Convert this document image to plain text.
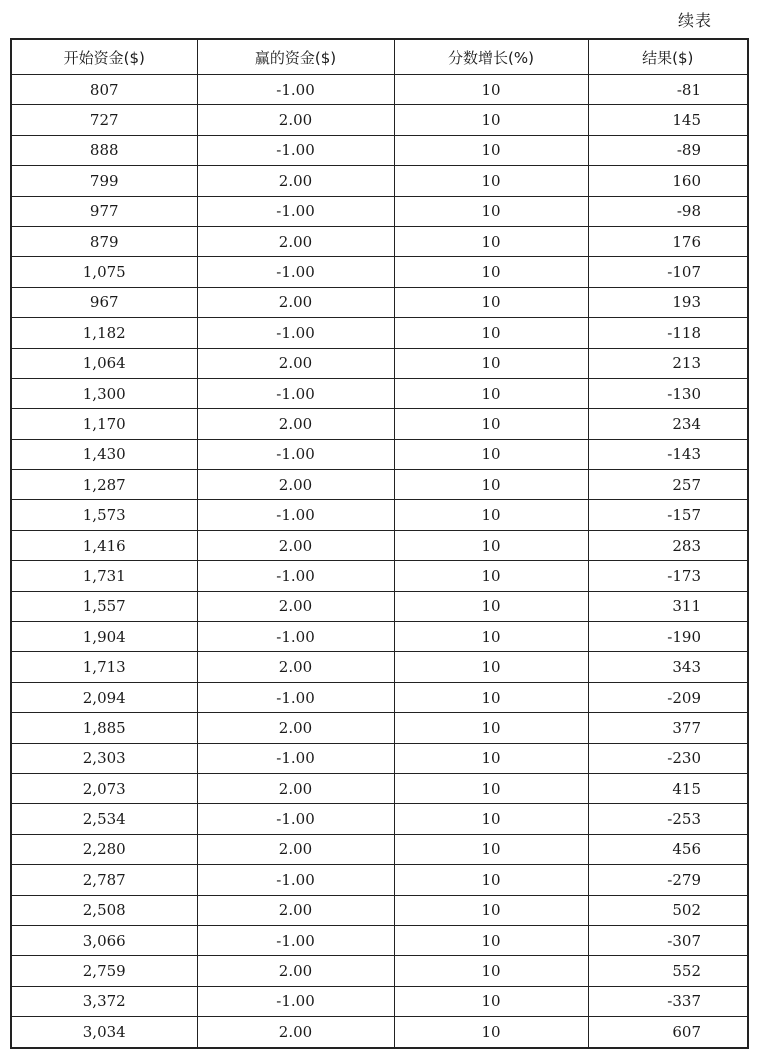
续表
开始资金($)	赢的资金($)	分数增长(%)	结果($)
807	-1.00	10	-81
727	2.00	10	145
888	-1.00	10	-89
799	2.00	10	160
977	-1.00	10	-98
879	2.00	10	176
1,075	-1.00	10	-107
967	2.00	10	193
1,182	-1.00	10	-118
1,064	2.00	10	213
1,300	-1.00	10	-130
1,170	2.00	10	234
1,430	-1.00	10	-143
1,287	2.00	10	257
1,573	-1.00	10	-157
1,416	2.00	10	283
1,731	-1.00	10	-173
1,557	2.00	10	311
1,904	-1.00	10	-190
1,713	2.00	10	343
2,094	-1.00	10	-209
1,885	2.00	10	377
2,303	-1.00	10	-230
2,073	2.00	10	415
2,534	-1.00	10	-253
2,280	2.00	10	456
2,787	-1.00	10	-279
2,508	2.00	10	502
3,066	-1.00	10	-307
2,759	2.00	10	552
3,372	-1.00	10	-337
3,034	2.00	10	607
